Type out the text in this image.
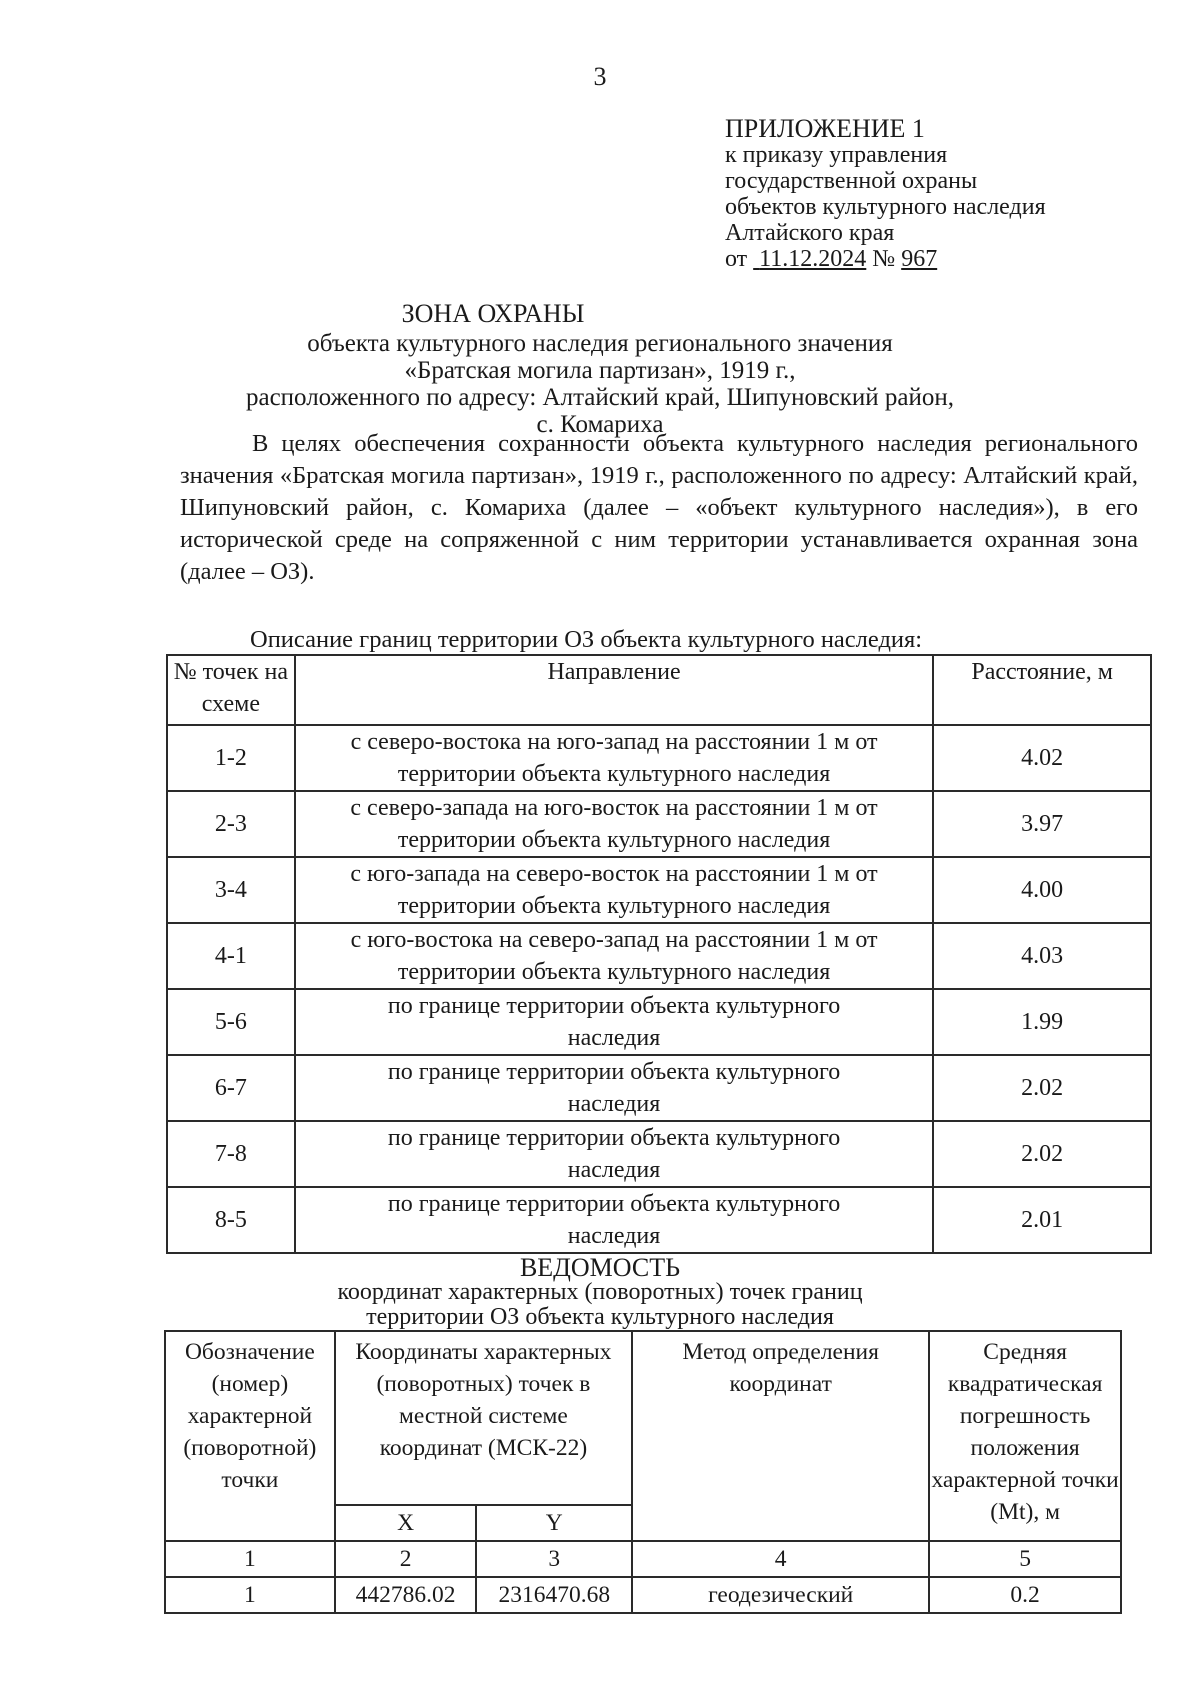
3
ПРИЛОЖЕНИЕ 1
к приказу управления
государственной охраны
объектов культурного наследия
Алтайского края
от 11.12.2024 № 967
ЗОНА ОХРАНЫ
объекта культурного наследия регионального значения
«Братская могила партизан», 1919 г.,
расположенного по адресу: Алтайский край, Шипуновский район,
с. Комариха

В целях обеспечения сохранности объекта культурного наследия регионального значения «Братская могила партизан», 1919 г., расположенного по адресу: Алтайский край, Шипуновский район, с. Комариха (далее – «объект культурного наследия»), в его исторической среде на сопряженной с ним территории устанавливается охранная зона (далее – ОЗ).

Описание границ территории ОЗ объекта культурного наследия:
№ точек на схеме	Направление	Расстояние, м
1-2	с северо-востока на юго-запад на расстоянии 1 м от территории объекта культурного наследия	4.02
2-3	с северо-запада на юго-восток на расстоянии 1 м от территории объекта культурного наследия	3.97
3-4	с юго-запада на северо-восток на расстоянии 1 м от территории объекта культурного наследия	4.00
4-1	с юго-востока на северо-запад на расстоянии 1 м от территории объекта культурного наследия	4.03
5-6	по границе территории объекта культурного наследия	1.99
6-7	по границе территории объекта культурного наследия	2.02
7-8	по границе территории объекта культурного наследия	2.02
8-5	по границе территории объекта культурного наследия	2.01
ВЕДОМОСТЬ
координат характерных (поворотных) точек границ
территории ОЗ объекта культурного наследия
Обозначение (номер) характерной (поворотной) точки	Координаты характерных (поворотных) точек в местной системе координат (МСК-22)		Метод определения координат	Средняя квадратическая погрешность положения характерной точки (Mt), м
	X	Y		
1	2	3	4	5
1	442786.02	2316470.68	геодезический	0.2
